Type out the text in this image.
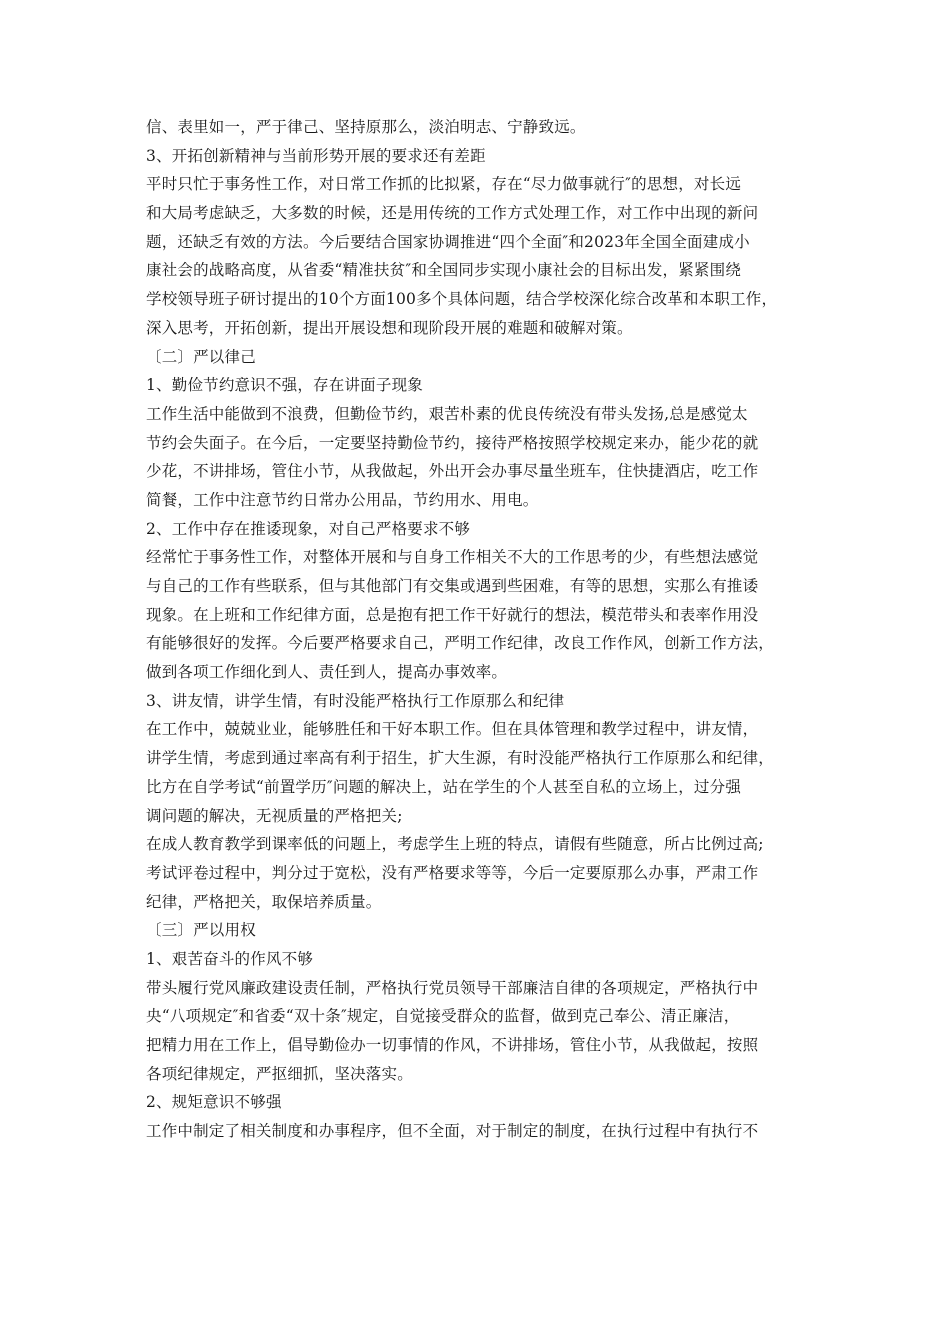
信、表里如一，严于律己、坚持原那么，淡泊明志、宁静致远。
3、开拓创新精神与当前形势开展的要求还有差距
平时只忙于事务性工作，对日常工作抓的比拟紧，存在“尽力做事就行″的思想，对长远
和大局考虑缺乏，大多数的时候，还是用传统的工作方式处理工作，对工作中出现的新问
题，还缺乏有效的方法。今后要结合国家协调推进“四个全面″和2023年全国全面建成小
康社会的战略高度，从省委“精准扶贫″和全国同步实现小康社会的目标出发，紧紧围绕
学校领导班子研讨提出的10个方面100多个具体问题，结合学校深化综合改革和本职工作，
深入思考，开拓创新，提出开展设想和现阶段开展的难题和破解对策。
〔二〕严以律己
1、勤俭节约意识不强，存在讲面子现象
工作生活中能做到不浪费，但勤俭节约，艰苦朴素的优良传统没有带头发扬,总是感觉太
节约会失面子。在今后，一定要坚持勤俭节约，接待严格按照学校规定来办，能少花的就
少花，不讲排场，管住小节，从我做起，外出开会办事尽量坐班车，住快捷酒店，吃工作
简餐，工作中注意节约日常办公用品，节约用水、用电。
2、工作中存在推诿现象，对自己严格要求不够
经常忙于事务性工作，对整体开展和与自身工作相关不大的工作思考的少，有些想法感觉
与自己的工作有些联系，但与其他部门有交集或遇到些困难，有等的思想，实那么有推诿
现象。在上班和工作纪律方面，总是抱有把工作干好就行的想法，模范带头和表率作用没
有能够很好的发挥。今后要严格要求自己，严明工作纪律，改良工作作风，创新工作方法，
做到各项工作细化到人、责任到人，提高办事效率。
3、讲友情，讲学生情，有时没能严格执行工作原那么和纪律
在工作中，兢兢业业，能够胜任和干好本职工作。但在具体管理和教学过程中，讲友情，
讲学生情，考虑到通过率高有利于招生，扩大生源，有时没能严格执行工作原那么和纪律，
比方在自学考试“前置学历″问题的解决上，站在学生的个人甚至自私的立场上，过分强
调问题的解决，无视质量的严格把关;
在成人教育教学到课率低的问题上，考虑学生上班的特点，请假有些随意，所占比例过高;
考试评卷过程中，判分过于宽松，没有严格要求等等，今后一定要原那么办事，严肃工作
纪律，严格把关，取保培养质量。
〔三〕严以用权
1、艰苦奋斗的作风不够
带头履行党风廉政建设责任制，严格执行党员领导干部廉洁自律的各项规定，严格执行中
央“八项规定″和省委“双十条″规定，自觉接受群众的监督，做到克己奉公、清正廉洁，
把精力用在工作上，倡导勤俭办一切事情的作风，不讲排场，管住小节，从我做起，按照
各项纪律规定，严抠细抓，坚决落实。
2、规矩意识不够强
工作中制定了相关制度和办事程序，但不全面，对于制定的制度，在执行过程中有执行不
